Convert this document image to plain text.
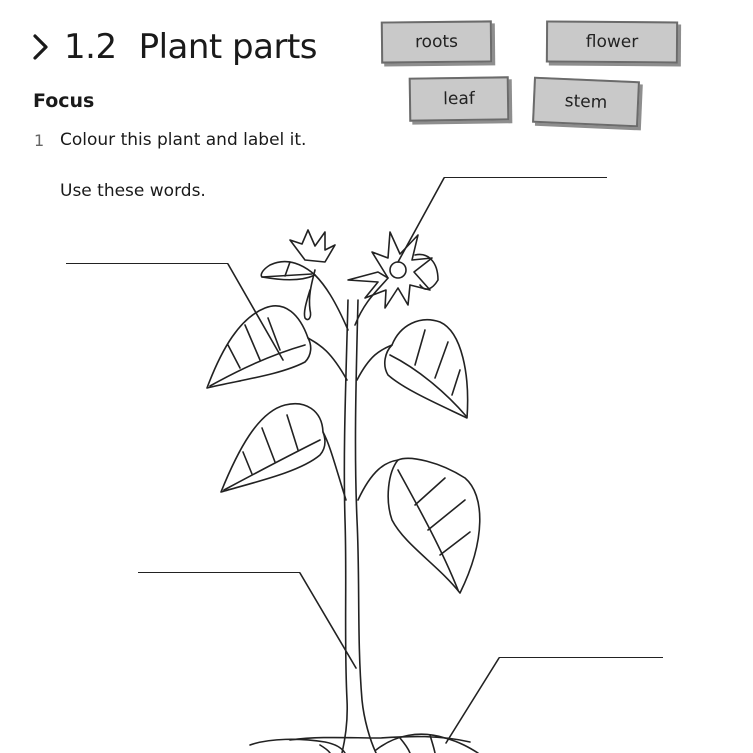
1.2 Plant parts
Focus
1 Colour this plant and label it.
Use these words.
roots	flower
leaf	stem
